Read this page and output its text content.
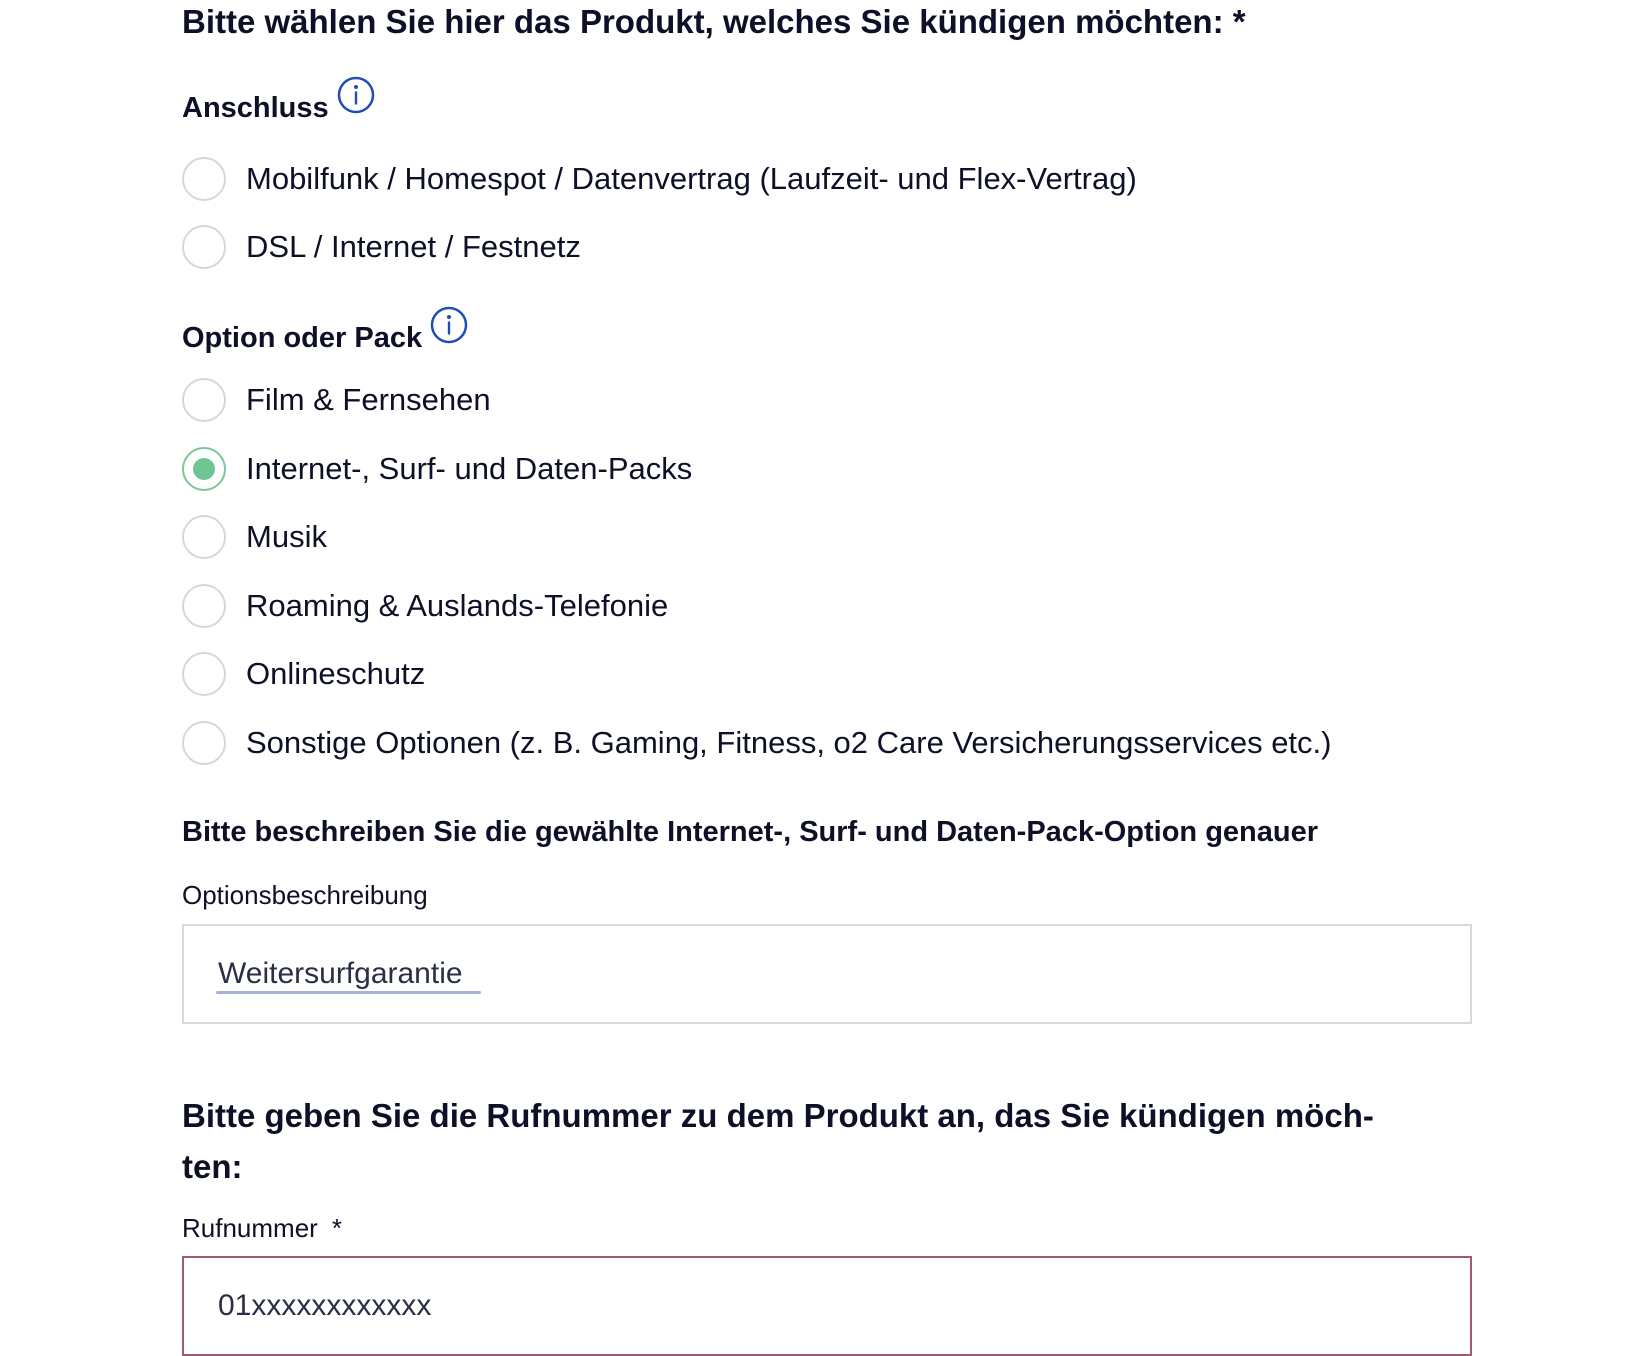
Bitte wählen Sie hier das Produkt, welches Sie kündigen möchten: *
Anschluss
Mobilfunk / Homespot / Datenvertrag (Laufzeit- und Flex-Vertrag)
DSL / Internet / Festnetz
Option oder Pack
Film & Fernsehen
Internet-, Surf- und Daten-Packs
Musik
Roaming & Auslands-Telefonie
Onlineschutz
Sonstige Optionen (z. B. Gaming, Fitness, o2 Care Versicherungsservices etc.)
Bitte beschreiben Sie die gewählte Internet-, Surf- und Daten-Pack-Option genauer
Optionsbeschreibung
Weitersurfgarantie
Bitte geben Sie die Rufnummer zu dem Produkt an, das Sie kündigen möch-
ten:
Rufnummer *
01xxxxxxxxxxxx
